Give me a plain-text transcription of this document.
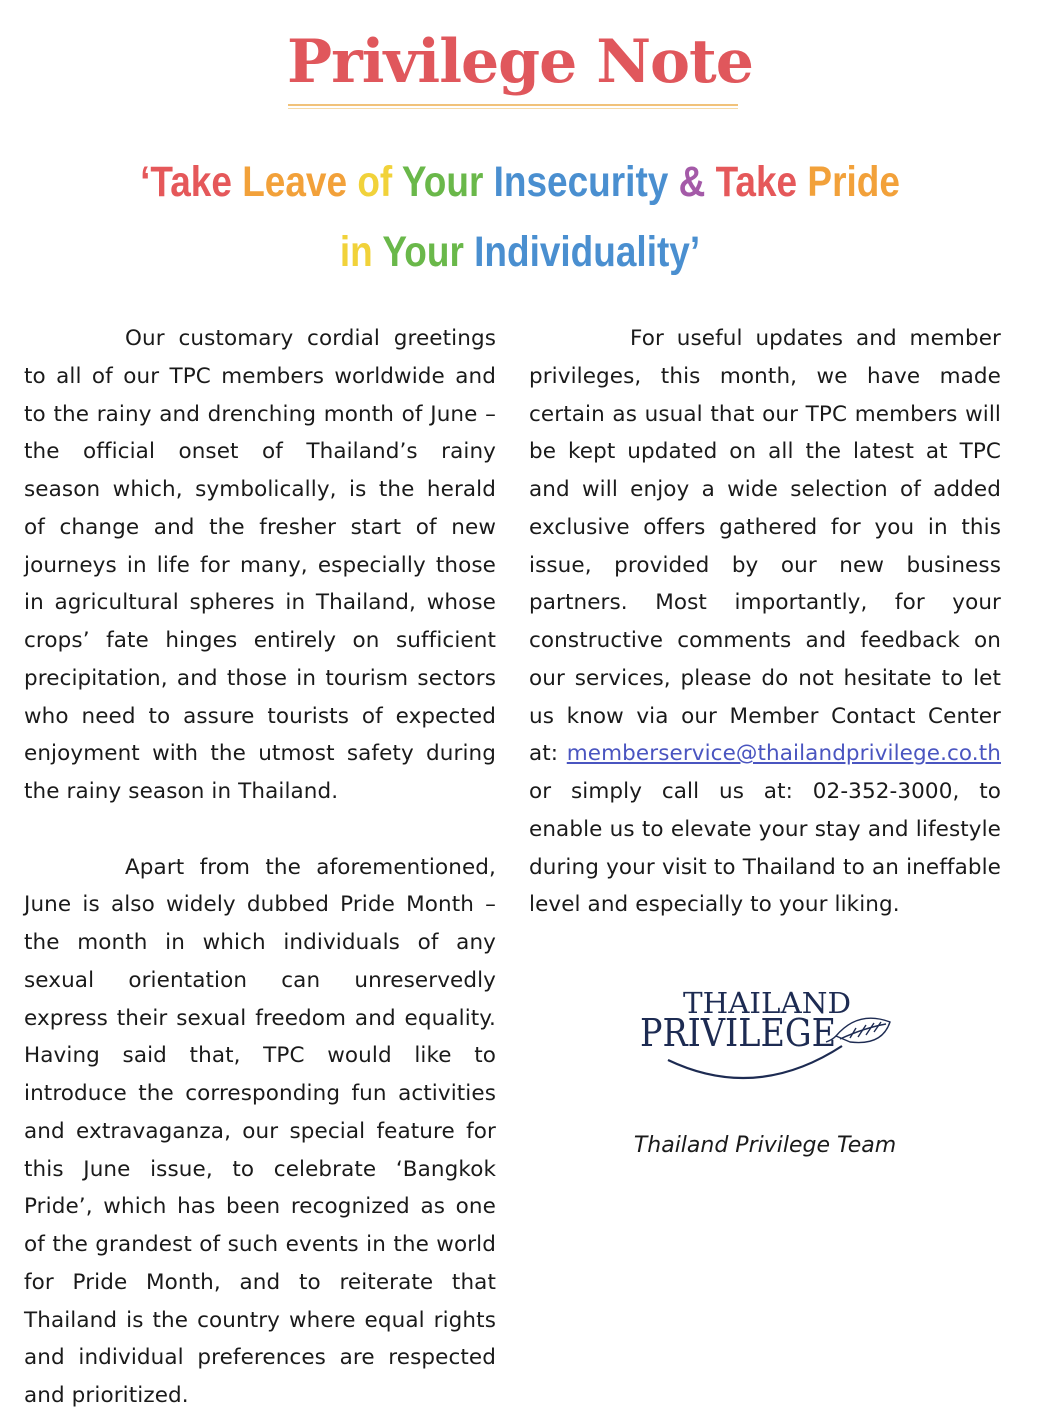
Privilege Note
‘Take Leave of Your Insecurity & Take Pride
in Your Individuality’

Our customary cordial greetings to all of our TPC members worldwide and to the rainy and drenching month of June – the official onset of Thailand’s rainy season which, symbolically, is the herald of change and the fresher start of new journeys in life for many, especially those in agricultural spheres in Thailand, whose crops’ fate hinges entirely on sufficient precipitation, and those in tourism sectors who need to assure tourists of expected enjoyment with the utmost safety during the rainy season in Thailand.

Apart from the aforementioned, June is also widely dubbed Pride Month – the month in which individuals of any sexual orientation can unreservedly express their sexual freedom and equality. Having said that, TPC would like to introduce the corresponding fun activities and extravaganza, our special feature for this June issue, to celebrate ‘Bangkok Pride’, which has been recognized as one of the grandest of such events in the world for Pride Month, and to reiterate that Thailand is the country where equal rights and individual preferences are respected and prioritized.

For useful updates and member privileges, this month, we have made certain as usual that our TPC members will be kept updated on all the latest at TPC and will enjoy a wide selection of added exclusive offers gathered for you in this issue, provided by our new business partners. Most importantly, for your constructive comments and feedback on our services, please do not hesitate to let us know via our Member Contact Center at: memberservice@thailandprivilege.co.th or simply call us at: 02-352-3000, to enable us to elevate your stay and lifestyle during your visit to Thailand to an ineffable level and especially to your liking.

THAILAND
PRIVILEGE
Thailand Privilege Team
